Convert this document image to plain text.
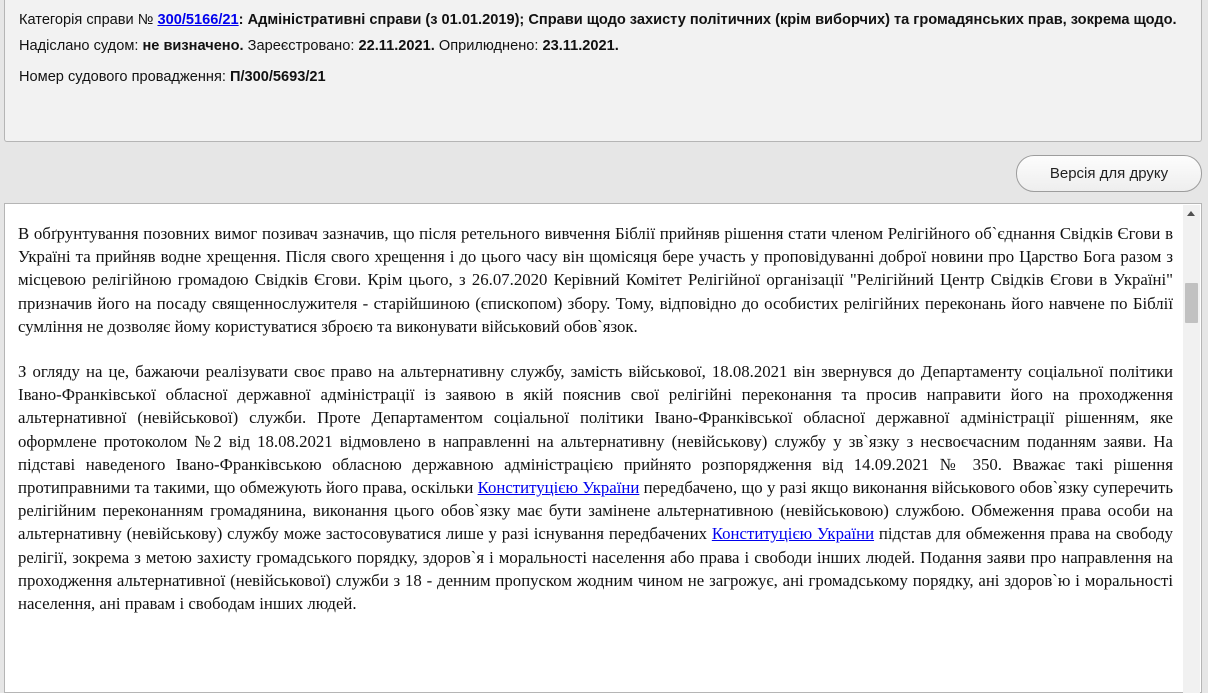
Категорія справи № 300/5166/21: Адміністративні справи (з 01.01.2019); Справи щодо захисту політичних (крім виборчих) та громадянських прав, зокрема щодо.

Надіслано судом: не визначено. Зареєстровано: 22.11.2021. Оприлюднено: 23.11.2021.

Номер судового провадження: П/300/5693/21

Версія для друку

В обґрунтування позовних вимог позивач зазначив, що після ретельного вивчення Біблії прийняв рішення стати членом Релігійного об`єднання Свідків Єгови в Україні та прийняв водне хрещення. Після свого хрещення і до цього часу він щомісяця бере участь у проповідуванні доброї новини про Царство Бога разом з місцевою релігійною громадою Свідків Єгови. Крім цього, з 26.07.2020 Керівний Комітет Релігійної організації "Релігійний Центр Свідків Єгови в Україні" призначив його на посаду священнослужителя - старійшиною (єпископом) збору. Тому, відповідно до особистих релігійних переконань його навчене по Біблії сумління не дозволяє йому користуватися зброєю та виконувати військовий обов`язок.

З огляду на це, бажаючи реалізувати своє право на альтернативну службу, замість військової, 18.08.2021 він звернувся до Департаменту соціальної політики Івано-Франківської обласної державної адміністрації із заявою в якій пояснив свої релігійні переконання та просив направити його на проходження альтернативної (невійськової) служби. Проте Департаментом соціальної політики Івано-Франківської обласної державної адміністрації рішенням, яке оформлене протоколом №2 від 18.08.2021 відмовлено в направленні на альтернативну (невійськову) службу у зв`язку з несвоєчасним поданням заяви. На підставі наведеного Івано-Франківською обласною державною адміністрацією прийнято розпорядження від 14.09.2021 № 350. Вважає такі рішення протиправними та такими, що обмежують його права, оскільки Конституцією України передбачено, що у разі якщо виконання військового обов`язку суперечить релігійним переконанням громадянина, виконання цього обов`язку має бути замінене альтернативною (невійськовою) службою. Обмеження права особи на альтернативну (невійськову) службу може застосовуватися лише у разі існування передбачених Конституцією України підстав для обмеження права на свободу релігії, зокрема з метою захисту громадського порядку, здоров`я і моральності населення або права і свободи інших людей. Подання заяви про направлення на проходження альтернативної (невійськової) служби з 18 - денним пропуском жодним чином не загрожує, ані громадському порядку, ані здоров`ю і моральності населення, ані правам і свободам інших людей.
